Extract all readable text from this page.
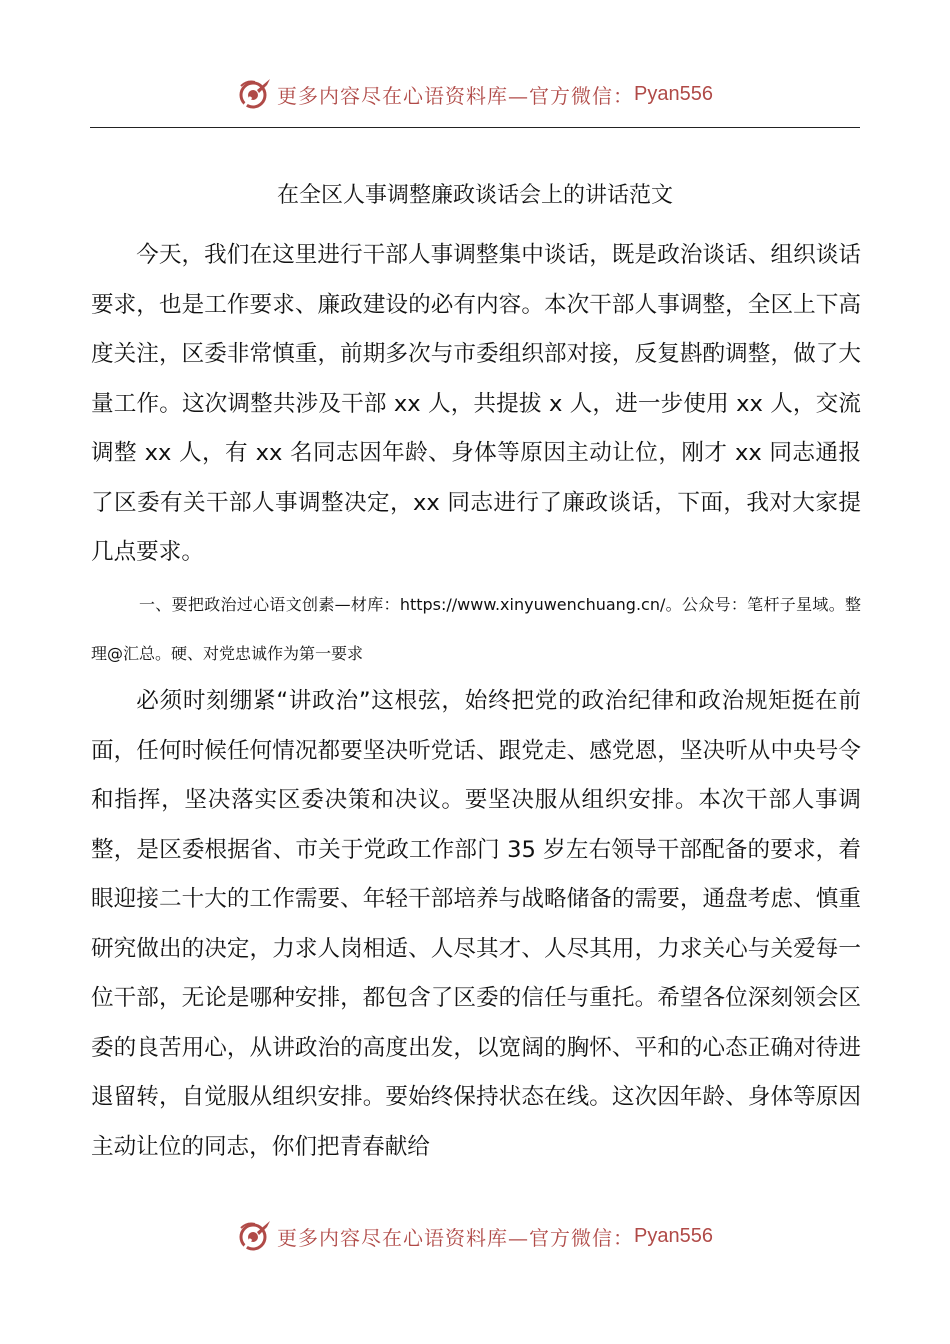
更多内容尽在心语资料库—官方微信： Pyan556
在全区人事调整廉政谈话会上的讲话范文

今天，我们在这里进行干部人事调整集中谈话，既是政治谈话、组织谈话要求，也是工作要求、廉政建设的必有内容。本次干部人事调整，全区上下高度关注，区委非常慎重，前期多次与市委组织部对接，反复斟酌调整，做了大量工作。这次调整共涉及干部 xx 人，共提拔 x 人，进一步使用 xx 人，交流调整 xx 人，有 xx 名同志因年龄、身体等原因主动让位，刚才 xx 同志通报了区委有关干部人事调整决定，xx 同志进行了廉政谈话，下面，我对大家提几点要求。

一、要把政治过心语文创素—材库：https://www.xinyuwenchuang.cn/。公众号：笔杆子星域。整理@汇总。硬、对党忠诚作为第一要求

必须时刻绷紧“讲政治”这根弦，始终把党的政治纪律和政治规矩挺在前面，任何时候任何情况都要坚决听党话、跟党走、感党恩，坚决听从中央号令和指挥，坚决落实区委决策和决议。要坚决服从组织安排。本次干部人事调整，是区委根据省、市关于党政工作部门 35 岁左右领导干部配备的要求，着眼迎接二十大的工作需要、年轻干部培养与战略储备的需要，通盘考虑、慎重研究做出的决定，力求人岗相适、人尽其才、人尽其用，力求关心与关爱每一位干部，无论是哪种安排，都包含了区委的信任与重托。希望各位深刻领会区委的良苦用心，从讲政治的高度出发，以宽阔的胸怀、平和的心态正确对待进退留转，自觉服从组织安排。要始终保持状态在线。这次因年龄、身体等原因主动让位的同志，你们把青春献给

更多内容尽在心语资料库—官方微信： Pyan556
